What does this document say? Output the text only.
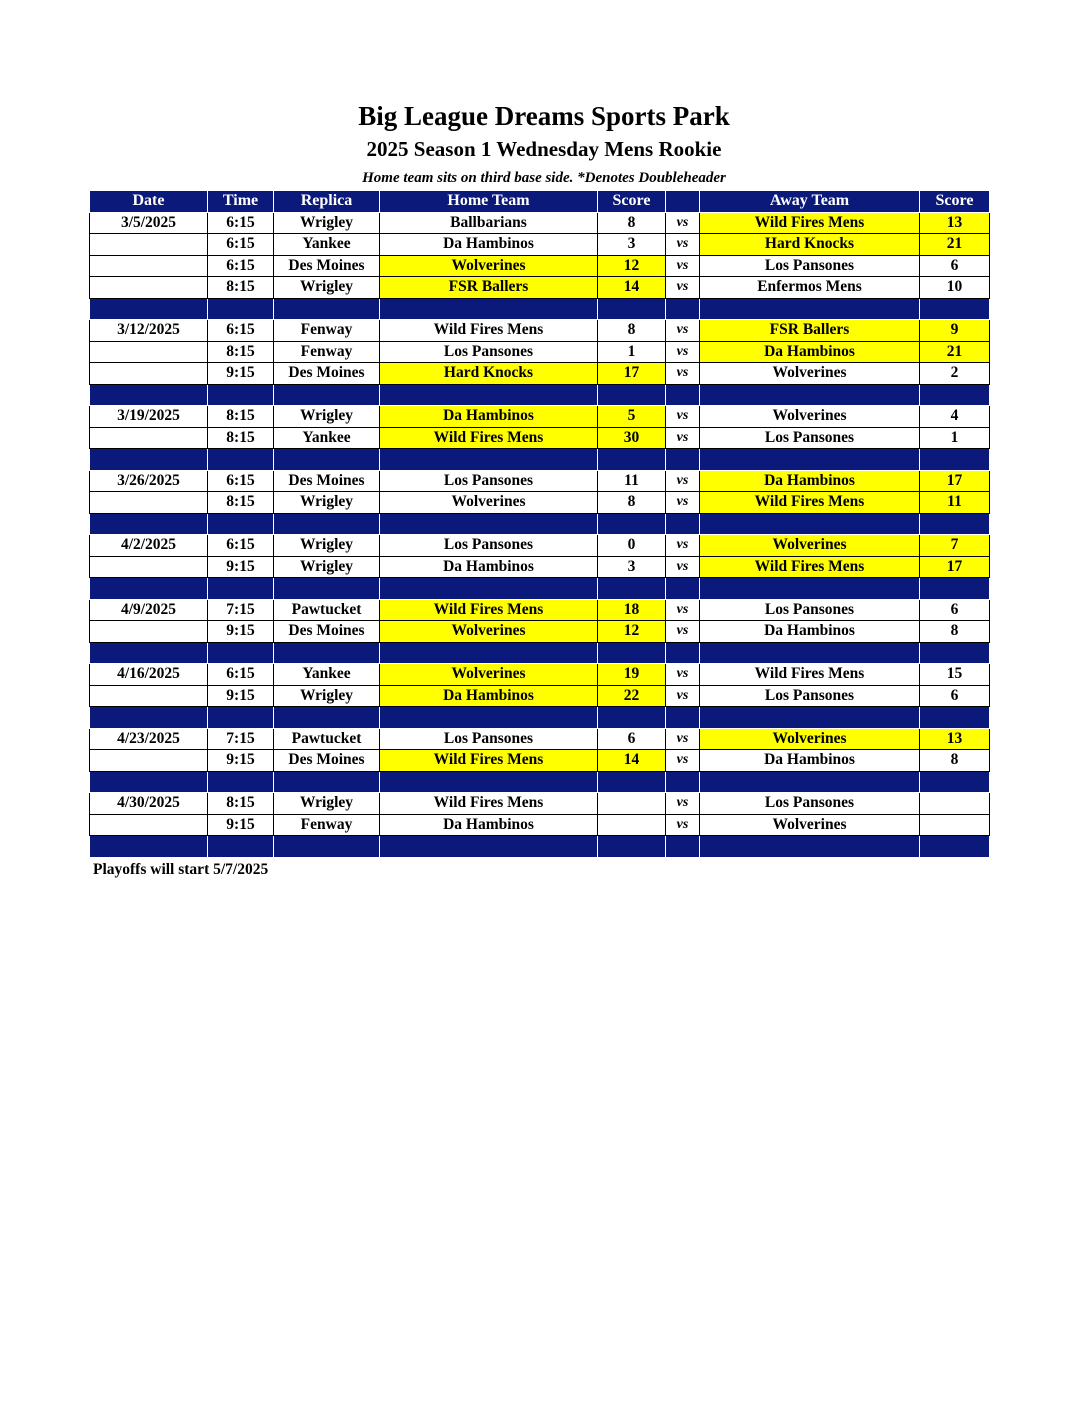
Big League Dreams Sports Park
2025 Season 1 Wednesday Mens Rookie
Home team sits on third base side. *Denotes Doubleheader
Date	Time	Replica	Home Team	Score		Away Team	Score
3/5/2025	6:15	Wrigley	Ballbarians	8	vs	Wild Fires Mens	13
	6:15	Yankee	Da Hambinos	3	vs	Hard Knocks	21
	6:15	Des Moines	Wolverines	12	vs	Los Pansones	6
	8:15	Wrigley	FSR Ballers	14	vs	Enfermos Mens	10

3/12/2025	6:15	Fenway	Wild Fires Mens	8	vs	FSR Ballers	9
	8:15	Fenway	Los Pansones	1	vs	Da Hambinos	21
	9:15	Des Moines	Hard Knocks	17	vs	Wolverines	2

3/19/2025	8:15	Wrigley	Da Hambinos	5	vs	Wolverines	4
	8:15	Yankee	Wild Fires Mens	30	vs	Los Pansones	1

3/26/2025	6:15	Des Moines	Los Pansones	11	vs	Da Hambinos	17
	8:15	Wrigley	Wolverines	8	vs	Wild Fires Mens	11

4/2/2025	6:15	Wrigley	Los Pansones	0	vs	Wolverines	7
	9:15	Wrigley	Da Hambinos	3	vs	Wild Fires Mens	17

4/9/2025	7:15	Pawtucket	Wild Fires Mens	18	vs	Los Pansones	6
	9:15	Des Moines	Wolverines	12	vs	Da Hambinos	8

4/16/2025	6:15	Yankee	Wolverines	19	vs	Wild Fires Mens	15
	9:15	Wrigley	Da Hambinos	22	vs	Los Pansones	6

4/23/2025	7:15	Pawtucket	Los Pansones	6	vs	Wolverines	13
	9:15	Des Moines	Wild Fires Mens	14	vs	Da Hambinos	8

4/30/2025	8:15	Wrigley	Wild Fires Mens		vs	Los Pansones	
	9:15	Fenway	Da Hambinos		vs	Wolverines	

Playoffs will start 5/7/2025
